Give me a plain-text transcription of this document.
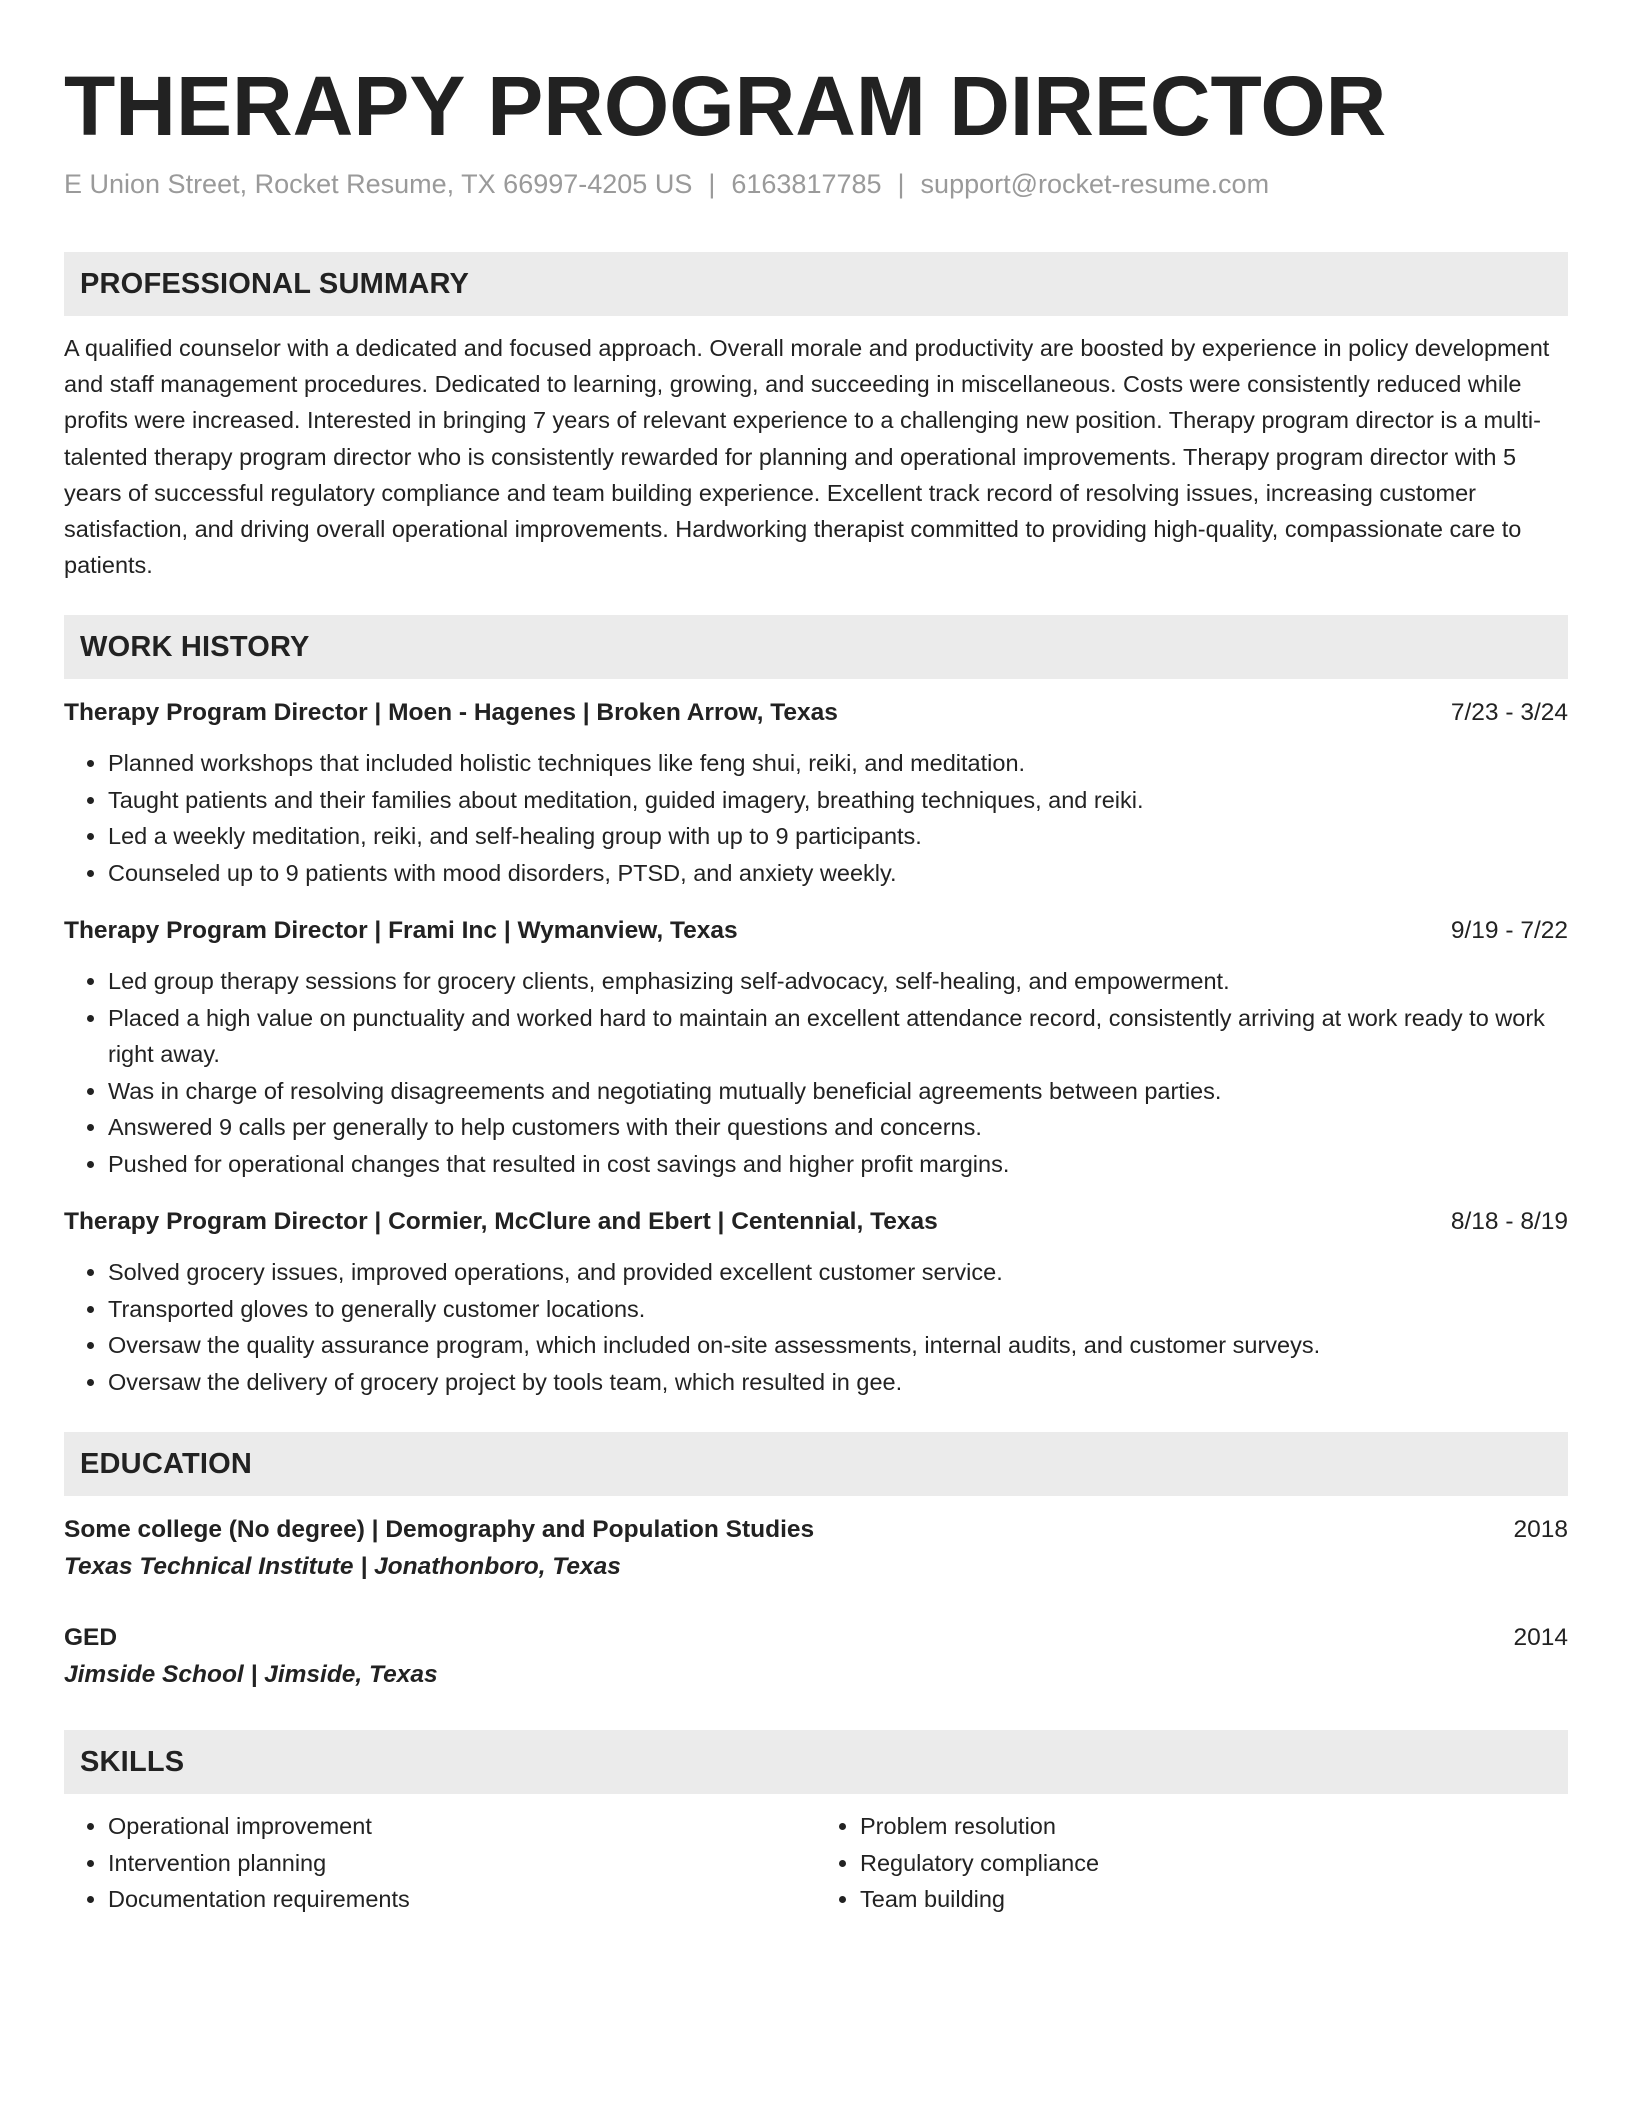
THERAPY PROGRAM DIRECTOR
E Union Street, Rocket Resume, TX 66997-4205 US | 6163817785 | support@rocket-resume.com
PROFESSIONAL SUMMARY

A qualified counselor with a dedicated and focused approach. Overall morale and productivity are boosted by experience in policy development and staff management procedures. Dedicated to learning, growing, and succeeding in miscellaneous. Costs were consistently reduced while profits were increased. Interested in bringing 7 years of relevant experience to a challenging new position. Therapy program director is a multi-talented therapy program director who is consistently rewarded for planning and operational improvements. Therapy program director with 5 years of successful regulatory compliance and team building experience. Excellent track record of resolving issues, increasing customer satisfaction, and driving overall operational improvements. Hardworking therapist committed to providing high-quality, compassionate care to patients.

WORK HISTORY
Therapy Program Director | Moen - Hagenes | Broken Arrow, Texas	7/23 - 3/24
• Planned workshops that included holistic techniques like feng shui, reiki, and meditation.
• Taught patients and their families about meditation, guided imagery, breathing techniques, and reiki.
• Led a weekly meditation, reiki, and self-healing group with up to 9 participants.
• Counseled up to 9 patients with mood disorders, PTSD, and anxiety weekly.
Therapy Program Director | Frami Inc | Wymanview, Texas	9/19 - 7/22
• Led group therapy sessions for grocery clients, emphasizing self-advocacy, self-healing, and empowerment.
• Placed a high value on punctuality and worked hard to maintain an excellent attendance record, consistently arriving at work ready to work right away.
• Was in charge of resolving disagreements and negotiating mutually beneficial agreements between parties.
• Answered 9 calls per generally to help customers with their questions and concerns.
• Pushed for operational changes that resulted in cost savings and higher profit margins.
Therapy Program Director | Cormier, McClure and Ebert | Centennial, Texas	8/18 - 8/19
• Solved grocery issues, improved operations, and provided excellent customer service.
• Transported gloves to generally customer locations.
• Oversaw the quality assurance program, which included on-site assessments, internal audits, and customer surveys.
• Oversaw the delivery of grocery project by tools team, which resulted in gee.
EDUCATION
Some college (No degree) | Demography and Population Studies	2018
Texas Technical Institute | Jonathonboro, Texas
GED	2014
Jimside School | Jimside, Texas
SKILLS
• Operational improvement
• Intervention planning
• Documentation requirements
• Problem resolution
• Regulatory compliance
• Team building
